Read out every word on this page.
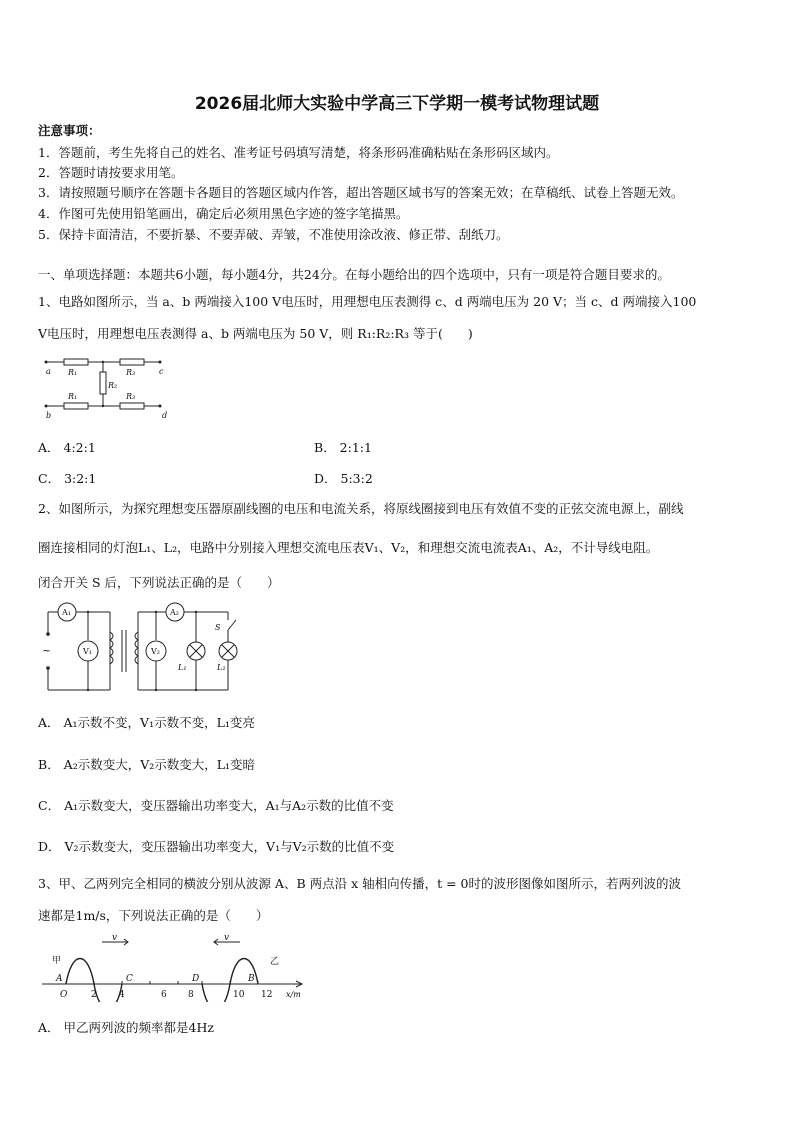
2026届北师大实验中学高三下学期一模考试物理试题
注意事项：
1．答题前，考生先将自己的姓名、准考证号码填写清楚，将条形码准确粘贴在条形码区域内。
2．答题时请按要求用笔。
3．请按照题号顺序在答题卡各题目的答题区域内作答，超出答题区域书写的答案无效；在草稿纸、试卷上答题无效。
4．作图可先使用铅笔画出，确定后必须用黑色字迹的签字笔描黑。
5．保持卡面清洁，不要折暴、不要弄破、弄皱，不准使用涂改液、修正带、刮纸刀。
一、单项选择题：本题共6小题，每小题4分，共24分。在每小题给出的四个选项中，只有一项是符合题目要求的。
1、电路如图所示，当 a、b 两端接入100 V电压时，用理想电压表测得 c、d 两端电压为 20 V；当 c、d 两端接入100
V电压时，用理想电压表测得 a、b 两端电压为 50 V，则 R₁:R₂:R₃ 等于(　　)
a
b
c
d
R₁	R₃
R₂
R₁	R₃
A． 4:2:1	B． 2:1:1
C． 3:2:1	D． 5:3:2
2、如图所示，为探究理想变压器原副线圈的电压和电流关系，将原线圈接到电压有效值不变的正弦交流电源上，副线
圈连接相同的灯泡L₁、L₂，电路中分别接入理想交流电压表V₁、V₂，和理想交流电流表A₁、A₂，不计导线电阻。
闭合开关 S 后，下列说法正确的是（　　）
A₁	A₂
V₁	V₂
~
L₁	L₂
S
A． A₁示数不变，V₁示数不变，L₁变亮
B． A₂示数变大，V₂示数变大，L₁变暗
C． A₁示数变大，变压器输出功率变大，A₁与A₂示数的比值不变
D． V₂示数变大，变压器输出功率变大，V₁与V₂示数的比值不变
3、甲、乙两列完全相同的横波分别从波源 A、B 两点沿 x 轴相向传播，t = 0时的波形图像如图所示，若两列波的波
速都是1m/s，下列说法正确的是（　　）
v	v
甲	乙
A	C	D	B
O	2 4	6 8	10 12 x/m
A． 甲乙两列波的频率都是4Hz
